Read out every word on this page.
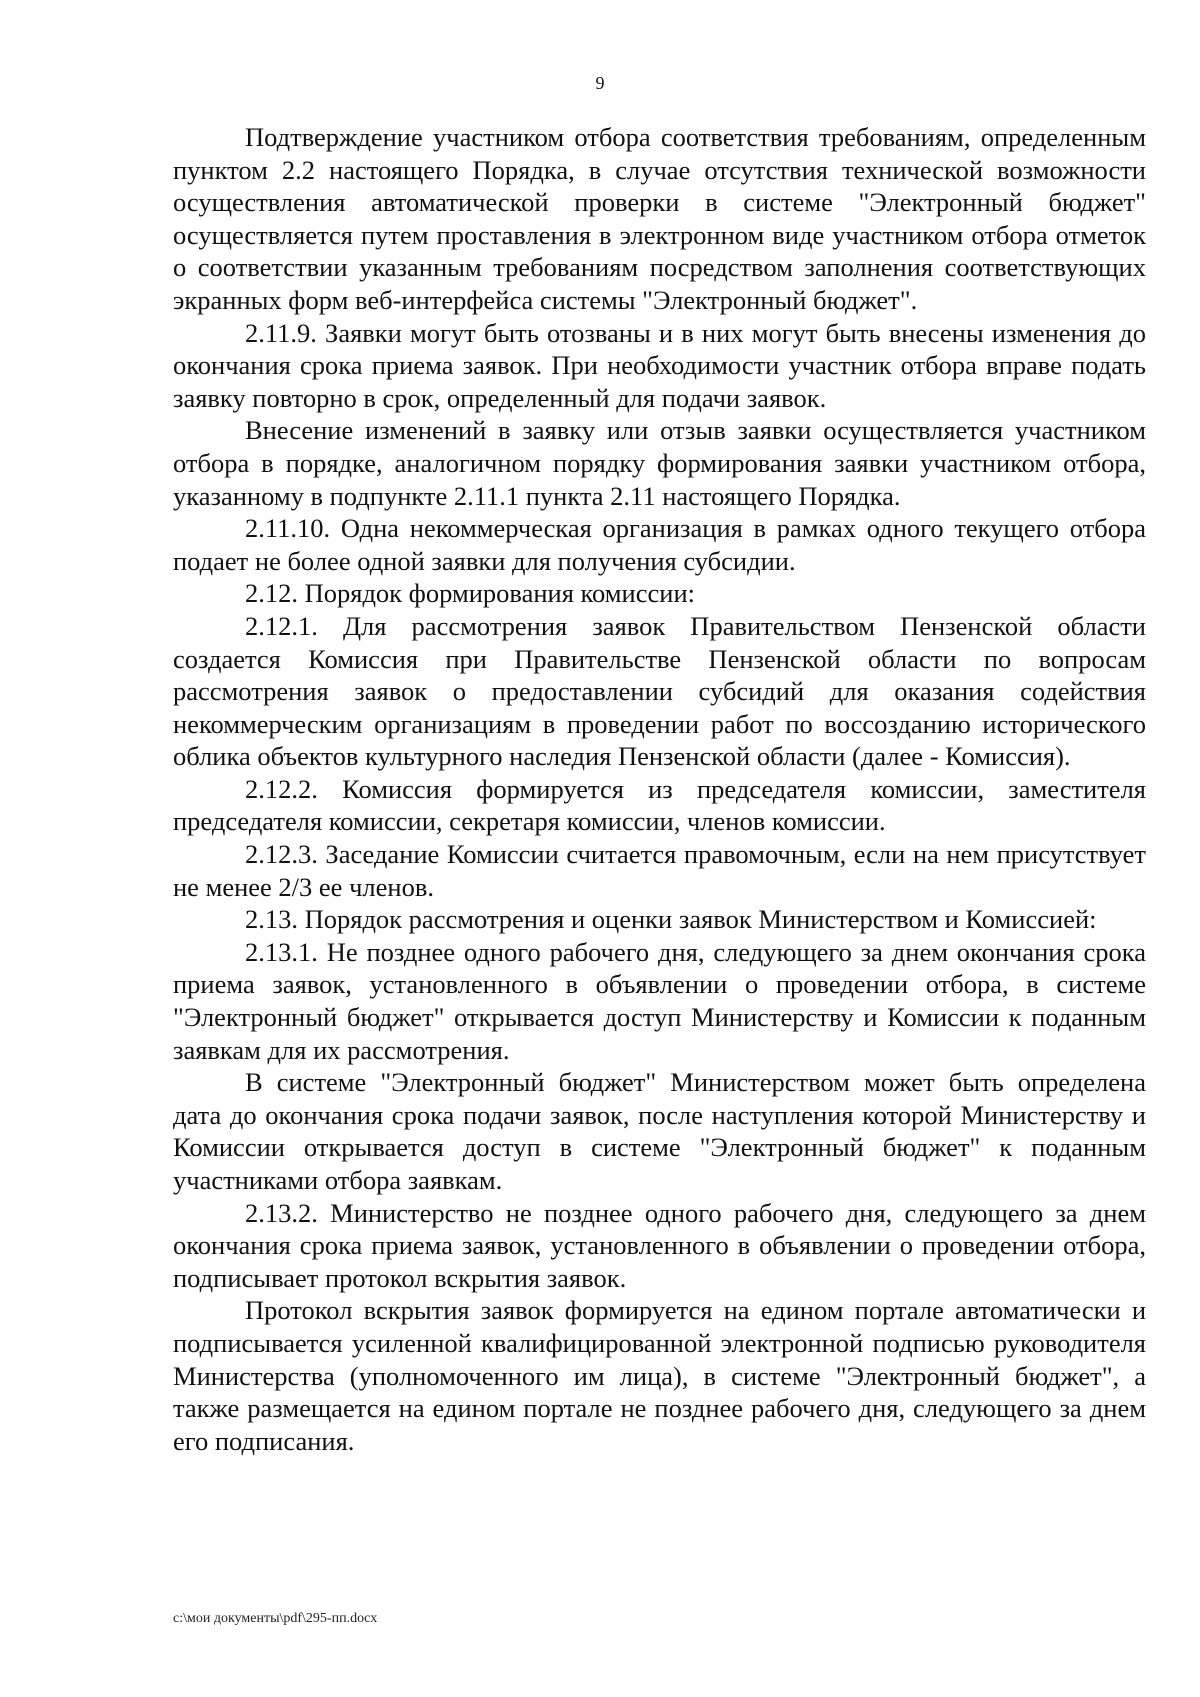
9

Подтверждение участником отбора соответствия требованиям, определенным пунктом 2.2 настоящего Порядка, в случае отсутствия технической возможности осуществления автоматической проверки в системе "Электронный бюджет" осуществляется путем проставления в электронном виде участником отбора отметок о соответствии указанным требованиям посредством заполнения соответствующих экранных форм веб-интерфейса системы "Электронный бюджет".

2.11.9. Заявки могут быть отозваны и в них могут быть внесены изменения до окончания срока приема заявок. При необходимости участник отбора вправе подать заявку повторно в срок, определенный для подачи заявок.

Внесение изменений в заявку или отзыв заявки осуществляется участником отбора в порядке, аналогичном порядку формирования заявки участником отбора, указанному в подпункте 2.11.1 пункта 2.11 настоящего Порядка.

2.11.10. Одна некоммерческая организация в рамках одного текущего отбора подает не более одной заявки для получения субсидии.

2.12. Порядок формирования комиссии:

2.12.1. Для рассмотрения заявок Правительством Пензенской области создается Комиссия при Правительстве Пензенской области по вопросам рассмотрения заявок о предоставлении субсидий для оказания содействия некоммерческим организациям в проведении работ по воссозданию исторического облика объектов культурного наследия Пензенской области (далее - Комиссия).

2.12.2. Комиссия формируется из председателя комиссии, заместителя председателя комиссии, секретаря комиссии, членов комиссии.

2.12.3. Заседание Комиссии считается правомочным, если на нем присутствует не менее 2/3 ее членов.

2.13. Порядок рассмотрения и оценки заявок Министерством и Комиссией:

2.13.1. Не позднее одного рабочего дня, следующего за днем окончания срока приема заявок, установленного в объявлении о проведении отбора, в системе "Электронный бюджет" открывается доступ Министерству и Комиссии к поданным заявкам для их рассмотрения.

В системе "Электронный бюджет" Министерством может быть определена дата до окончания срока подачи заявок, после наступления которой Министерству и Комиссии открывается доступ в системе "Электронный бюджет" к поданным участниками отбора заявкам.

2.13.2. Министерство не позднее одного рабочего дня, следующего за днем окончания срока приема заявок, установленного в объявлении о проведении отбора, подписывает протокол вскрытия заявок.

Протокол вскрытия заявок формируется на едином портале автоматически и подписывается усиленной квалифицированной электронной подписью руководителя Министерства (уполномоченного им лица), в системе "Электронный бюджет", а также размещается на едином портале не позднее рабочего дня, следующего за днем его подписания.

c:\мои документы\pdf\295-пп.docx
